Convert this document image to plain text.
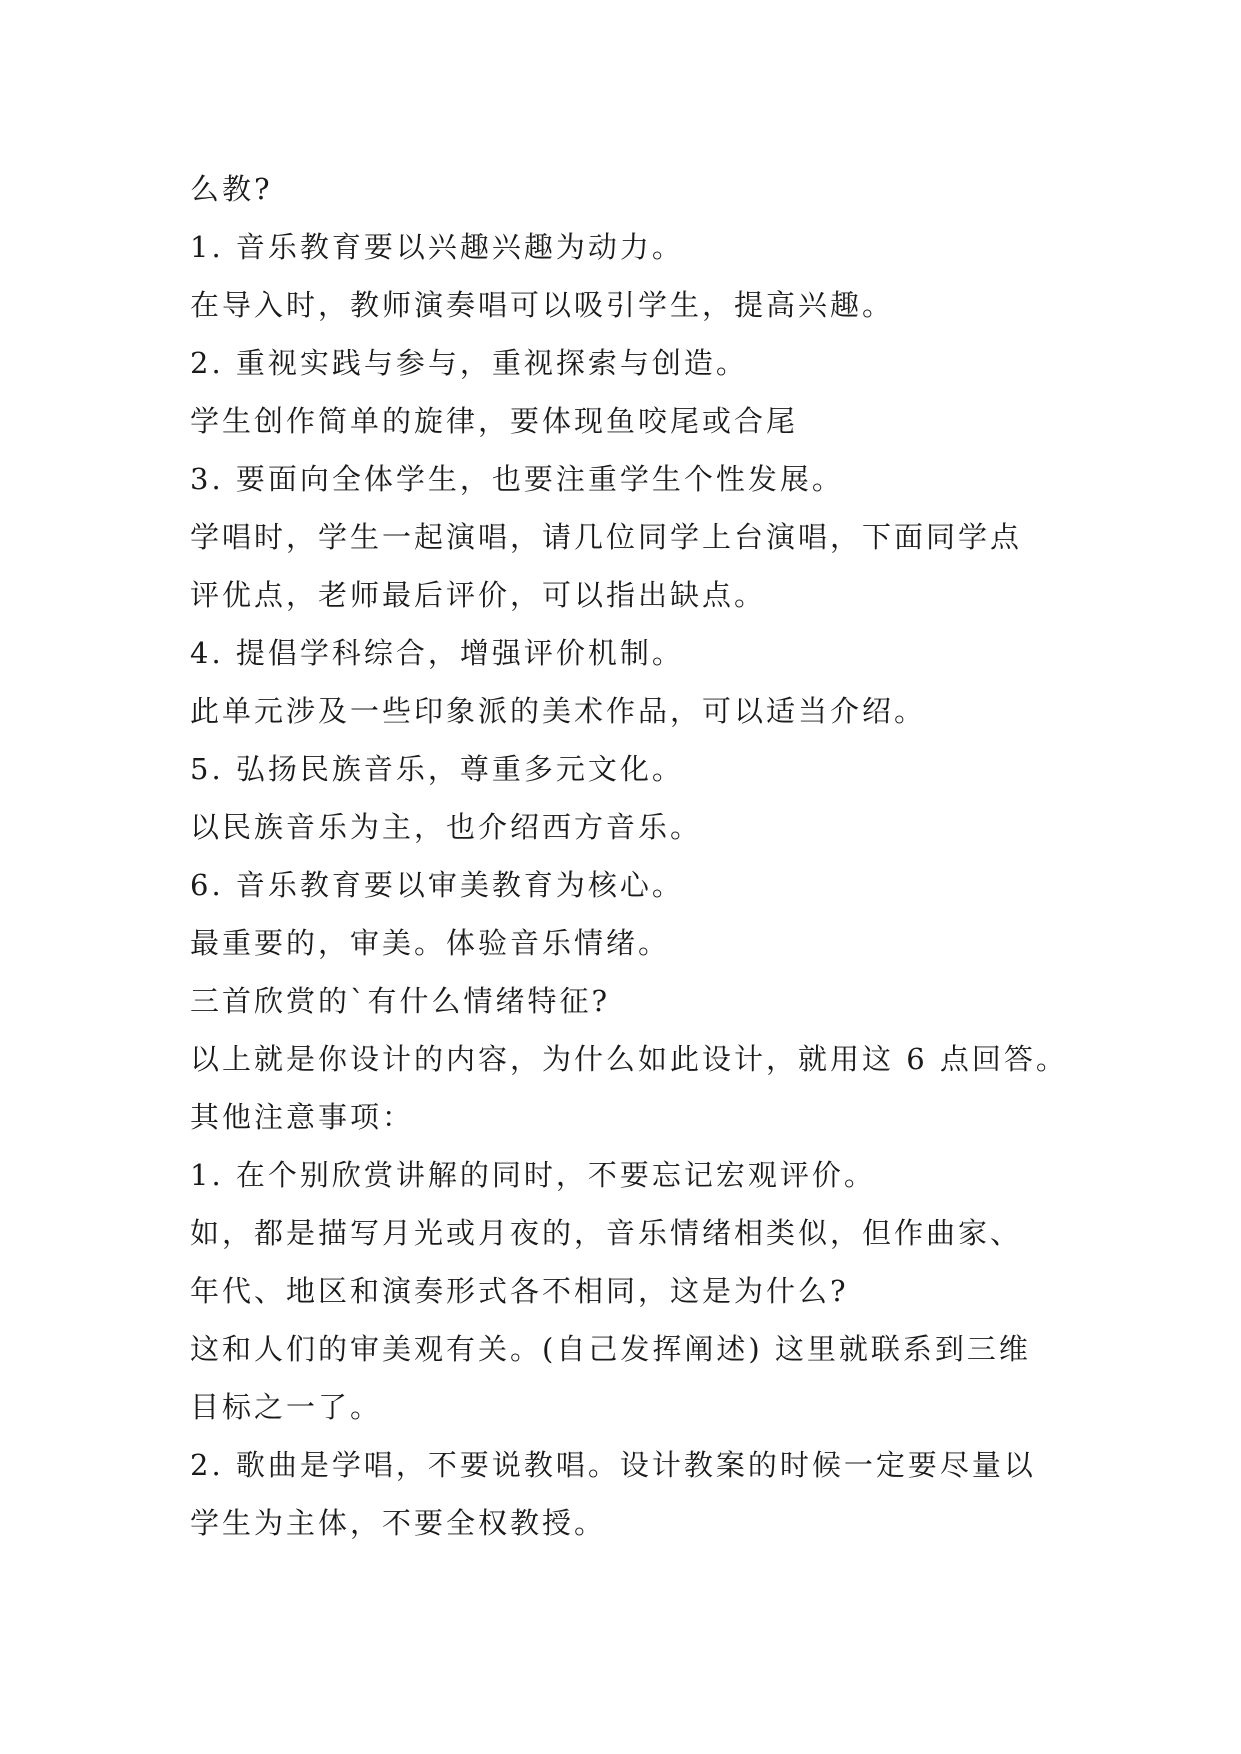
么教?
1. 音乐教育要以兴趣兴趣为动力。
在导入时，教师演奏唱可以吸引学生，提高兴趣。
2. 重视实践与参与，重视探索与创造。
学生创作简单的旋律，要体现鱼咬尾或合尾
3. 要面向全体学生，也要注重学生个性发展。
学唱时，学生一起演唱，请几位同学上台演唱，下面同学点
评优点，老师最后评价，可以指出缺点。
4. 提倡学科综合，增强评价机制。
此单元涉及一些印象派的美术作品，可以适当介绍。
5. 弘扬民族音乐，尊重多元文化。
以民族音乐为主，也介绍西方音乐。
6. 音乐教育要以审美教育为核心。
最重要的，审美。体验音乐情绪。
三首欣赏的`有什么情绪特征?
以上就是你设计的内容，为什么如此设计，就用这 6 点回答。
其他注意事项：
1. 在个别欣赏讲解的同时，不要忘记宏观评价。
如，都是描写月光或月夜的，音乐情绪相类似，但作曲家、
年代、地区和演奏形式各不相同，这是为什么?
这和人们的审美观有关。(自己发挥阐述) 这里就联系到三维
目标之一了。
2. 歌曲是学唱，不要说教唱。设计教案的时候一定要尽量以
学生为主体，不要全权教授。
